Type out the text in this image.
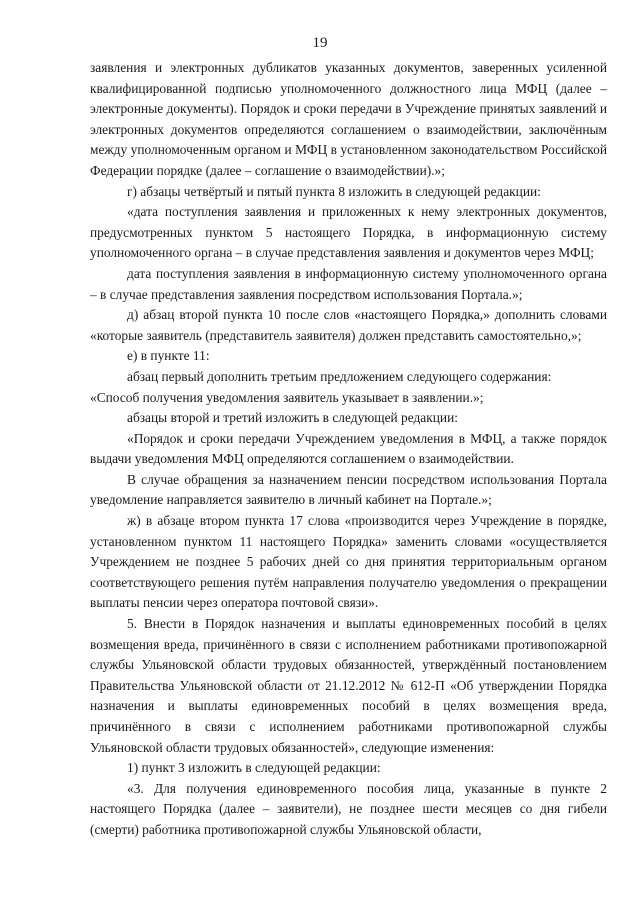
19

заявления и электронных дубликатов указанных документов, заверенных усиленной квалифицированной подписью уполномоченного должностного лица МФЦ (далее – электронные документы). Порядок и сроки передачи в Учреждение принятых заявлений и электронных документов определяются соглашением о взаимодействии, заключённым между уполномоченным органом и МФЦ в установленном законодательством Российской Федерации порядке (далее – соглашение о взаимодействии).»;

г) абзацы четвёртый и пятый пункта 8 изложить в следующей редакции:

«дата поступления заявления и приложенных к нему электронных документов, предусмотренных пунктом 5 настоящего Порядка, в информационную систему уполномоченного органа – в случае представления заявления и документов через МФЦ;

дата поступления заявления в информационную систему уполномоченного органа – в случае представления заявления посредством использования Портала.»;

д) абзац второй пункта 10 после слов «настоящего Порядка,» дополнить словами «которые заявитель (представитель заявителя) должен представить самостоятельно,»;

е) в пункте 11:

абзац первый дополнить третьим предложением следующего содержания:

«Способ получения уведомления заявитель указывает в заявлении.»;

абзацы второй и третий изложить в следующей редакции:

«Порядок и сроки передачи Учреждением уведомления в МФЦ, а также порядок выдачи уведомления МФЦ определяются соглашением о взаимодействии.

В случае обращения за назначением пенсии посредством использования Портала уведомление направляется заявителю в личный кабинет на Портале.»;

ж) в абзаце втором пункта 17 слова «производится через Учреждение в порядке, установленном пунктом 11 настоящего Порядка» заменить словами «осуществляется Учреждением не позднее 5 рабочих дней со дня принятия территориальным органом соответствующего решения путём направления получателю уведомления о прекращении выплаты пенсии через оператора почтовой связи».

5. Внести в Порядок назначения и выплаты единовременных пособий в целях возмещения вреда, причинённого в связи с исполнением работниками противопожарной службы Ульяновской области трудовых обязанностей, утверждённый постановлением Правительства Ульяновской области от 21.12.2012 № 612-П «Об утверждении Порядка назначения и выплаты единовременных пособий в целях возмещения вреда, причинённого в связи с исполнением работниками противопожарной службы Ульяновской области трудовых обязанностей», следующие изменения:

1) пункт 3 изложить в следующей редакции:

«3. Для получения единовременного пособия лица, указанные в пункте 2 настоящего Порядка (далее – заявители), не позднее шести месяцев со дня гибели (смерти) работника противопожарной службы Ульяновской области,
